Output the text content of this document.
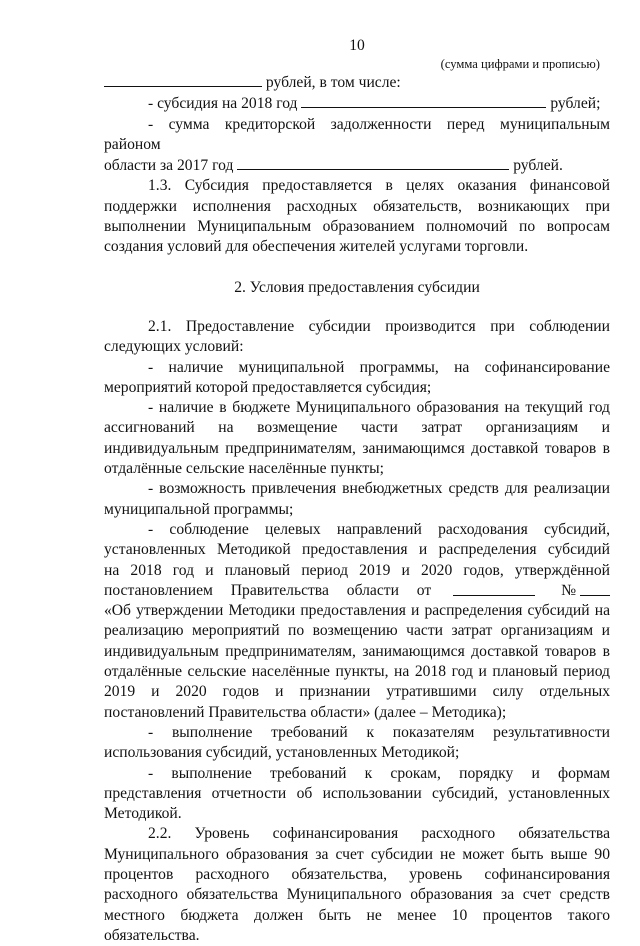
10
(сумма цифрами и прописью)
рублей, в том числе:
- субсидия на 2018 год	рублей;

- сумма кредиторской задолженности перед муниципальным районом

области за 2017 год	рублей.

1.3. Субсидия предоставляется в целях оказания финансовой поддержки исполнения расходных обязательств, возникающих при выполнении Муниципальным образованием полномочий по вопросам создания условий для обеспечения жителей услугами торговли.

2. Условия предоставления субсидии

2.1. Предоставление субсидии производится при соблюдении следующих условий:

- наличие муниципальной программы, на софинансирование мероприятий которой предоставляется субсидия;

- наличие в бюджете Муниципального образования на текущий год ассигнований на возмещение части затрат организациям и индивидуальным предпринимателям, занимающимся доставкой товаров в отдалённые сельские населённые пункты;

- возможность привлечения внебюджетных средств для реализации муниципальной программы;

- соблюдение целевых направлений расходования субсидий,

установленных Методикой предоставления и распределения субсидий

на 2018 год и плановый период 2019 и 2020 годов, утверждённой

постановлением Правительства области от	№

«Об утверждении Методики предоставления и распределения субсидий на реализацию мероприятий по возмещению части затрат организациям и индивидуальным предпринимателям, занимающимся доставкой товаров в отдалённые сельские населённые пункты, на 2018 год и плановый период 2019 и 2020 годов и признании утратившими силу отдельных постановлений Правительства области» (далее – Методика);

- выполнение требований к показателям результативности использования субсидий, установленных Методикой;

- выполнение требований к срокам, порядку и формам представления отчетности об использовании субсидий, установленных Методикой.

2.2. Уровень софинансирования расходного обязательства Муниципального образования за счет субсидии не может быть выше 90 процентов расходного обязательства, уровень софинансирования расходного обязательства Муниципального образования за счет средств местного бюджета должен быть не менее 10 процентов такого обязательства.
